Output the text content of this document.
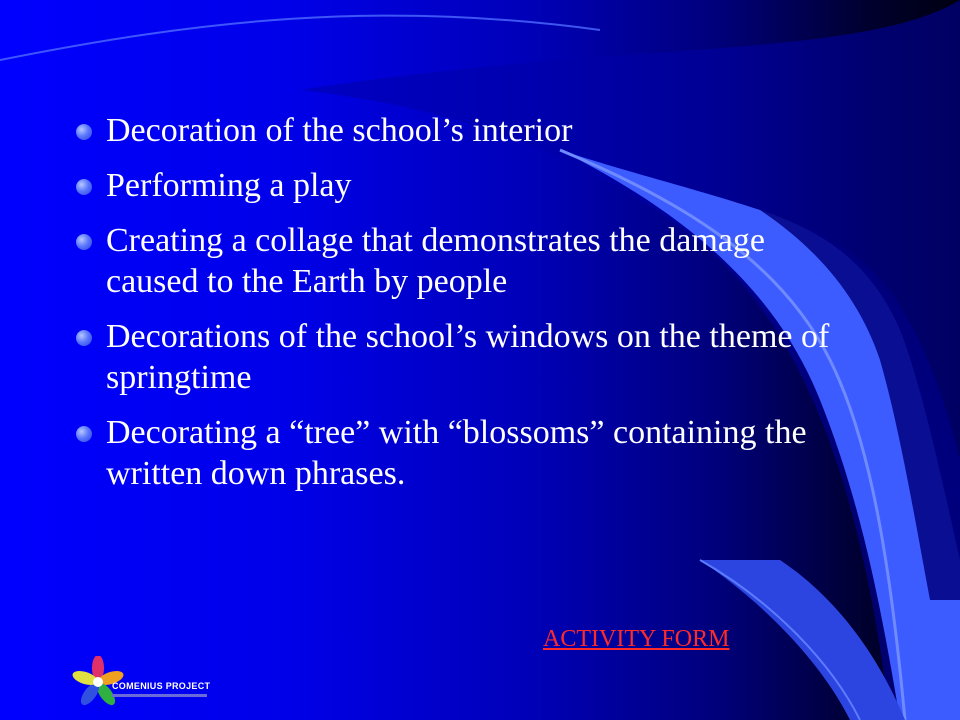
Decoration of the school’s interior
Performing a play
Creating a collage that demonstrates the damage caused to the Earth by people
Decorations of the school’s windows on the theme of springtime
Decorating a “tree” with “blossoms” containing the written down phrases.
ACTIVITY FORM
COMENIUS PROJECT
